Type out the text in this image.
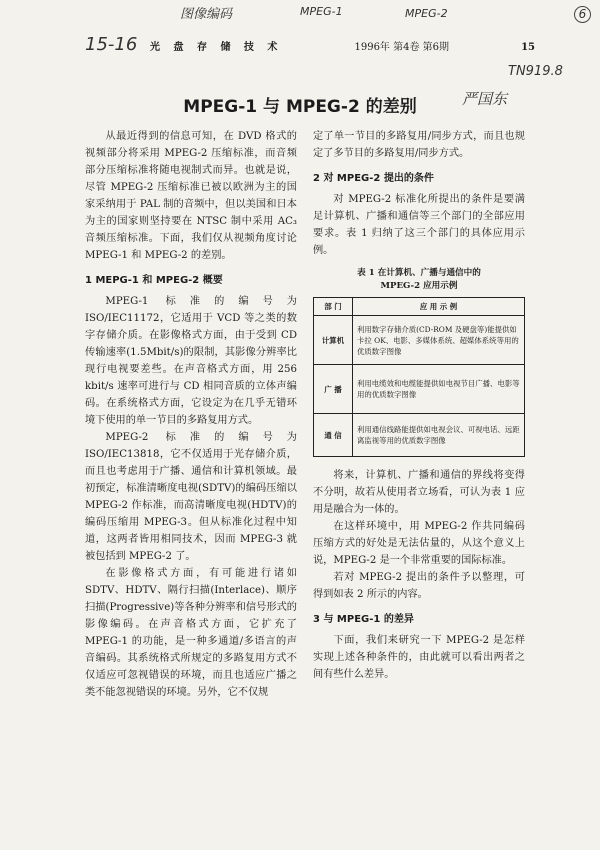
图像编码	MPEG-1	MPEG-2	6
15-16
TN919.8
严国东
光 盘 存 储 技 术	1996年 第4卷 第6期	15
MPEG-1 与 MPEG-2 的差别

从最近得到的信息可知，在 DVD 格式的视频部分将采用 MPEG-2 压缩标准，而音频部分压缩标准将随电视制式而异。也就是说，尽管 MPEG-2 压缩标准已被以欧洲为主的国家采纳用于 PAL 制的音频中，但以美国和日本为主的国家则坚持要在 NTSC 制中采用 AC₃ 音频压缩标准。下面，我们仅从视频角度讨论 MPEG-1 和 MPEG-2 的差别。

1 MEPG-1 和 MPEG-2 概要

MPEG-1 标准的编号为 ISO/IEC11172，它适用于 VCD 等之类的数字存储介质。在影像格式方面，由于受到 CD 传输速率(1.5Mbit/s)的限制，其影像分辨率比现行电视要差些。在声音格式方面，用 256 kbit/s 速率可进行与 CD 相同音质的立体声编码。在系统格式方面，它设定为在几乎无错环境下使用的单一节目的多路复用方式。

MPEG-2 标准的编号为 ISO/IEC13818，它不仅适用于光存储介质，而且也考虑用于广播、通信和计算机领域。最初预定，标准清晰度电视(SDTV)的编码压缩以 MPEG-2 作标准，而高清晰度电视(HDTV)的编码压缩用 MPEG-3。但从标准化过程中知道，这两者皆用相同技术，因而 MPEG-3 就被包括到 MPEG-2 了。

在影像格式方面，有可能进行诸如 SDTV、HDTV、隔行扫描(Interlace)、顺序扫描(Progressive)等各种分辨率和信号形式的影像编码。在声音格式方面，它扩充了 MPEG-1 的功能，是一种多通道/多语言的声音编码。其系统格式所规定的多路复用方式不仅适应可忽视错误的环境，而且也适应广播之类不能忽视错误的环境。另外，它不仅规

定了单一节目的多路复用/同步方式，而且也规定了多节目的多路复用/同步方式。

2 对 MPEG-2 提出的条件

对 MPEG-2 标准化所提出的条件是要满足计算机、广播和通信等三个部门的全部应用要求。表 1 归纳了这三个部门的具体应用示例。

表 1 在计算机、广播与通信中的
MPEG-2 应用示例
部 门	应 用 示 例
计算机	利用数字存储介质(CD-ROM 及硬盘等)能提供如卡拉 OK、电影、多媒体系统、超媒体系统等用的优质数字图像
广 播	利用电缆效和电缆能提供如电视节目广播、电影等用的优质数字图像
通 信	利用通信线路能提供如电视会议、可视电话、远距离监视等用的优质数字图像

将来，计算机、广播和通信的界线将变得不分明，故若从使用者立场看，可认为表 1 应用是融合为一体的。

在这样环境中，用 MPEG-2 作共同编码压缩方式的好处是无法估量的，从这个意义上说，MPEG-2 是一个非常重要的国际标准。

若对 MPEG-2 提出的条件予以整理，可得到如表 2 所示的内容。

3 与 MPEG-1 的差异

下面，我们来研究一下 MPEG-2 是怎样实现上述各种条件的，由此就可以看出两者之间有些什么差异。
